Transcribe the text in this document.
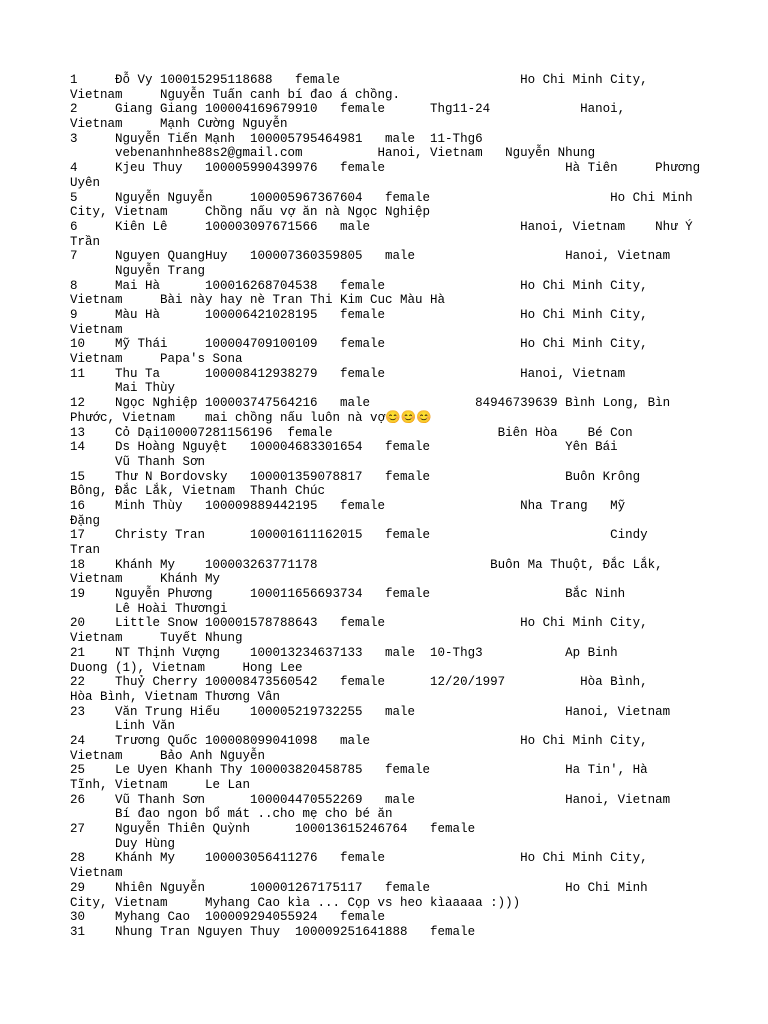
1     Đỗ Vy 100015295118688   female                        Ho Chi Minh City,
Vietnam     Nguyễn Tuấn canh bí đao á chồng.
2     Giang Giang 100004169679910   female      Thg11-24            Hanoi,
Vietnam     Mạnh Cường Nguyễn
3     Nguyễn Tiến Mạnh  100005795464981   male  11-Thg6
vebenanhnhe88s2@gmail.com          Hanoi, Vietnam   Nguyễn Nhung
4     Kjeu Thuy   100005990439976   female                        Hà Tiên     Phương
Uyên
5     Nguyễn Nguyễn     100005967367604   female                        Ho Chi Minh
City, Vietnam     Chồng nấu vợ ăn nà Ngọc Nghiệp
6     Kiên Lê     100003097671566   male                    Hanoi, Vietnam    Như Ý
Trần
7     Nguyen QuangHuy   100007360359805   male                    Hanoi, Vietnam
Nguyễn Trang
8     Mai Hà      100016268704538   female                  Ho Chi Minh City,
Vietnam     Bài này hay nè Tran Thi Kim Cuc Màu Hà
9     Màu Hà      100006421028195   female                  Ho Chi Minh City,
Vietnam
10    Mỹ Thái     100004709100109   female                  Ho Chi Minh City,
Vietnam     Papa's Sona
11    Thu Ta      100008412938279   female                  Hanoi, Vietnam
Mai Thùy
12    Ngọc Nghiệp 100003747564216   male              84946739639 Bình Long, Bìn
Phước, Vietnam    mai chồng nấu luôn nà vợ😊😊😊
13    Cỏ Dại100007281156196  female                      Biên Hòa    Bé Con
14    Ds Hoàng Nguyệt   100004683301654   female                  Yên Bái
Vũ Thanh Sơn
15    Thư N Bordovsky   100001359078817   female                  Buôn Krông
Bông, Đắc Lắk, Vietnam  Thanh Chúc
16    Minh Thùy   100009889442195   female                  Nha Trang   Mỹ
Đặng
17    Christy Tran      100001611162015   female                        Cindy
Tran
18    Khánh My    100003263771178                       Buôn Ma Thuột, Đắc Lắk,
Vietnam     Khánh My
19    Nguyễn Phương     100011656693734   female                  Bắc Ninh
Lê Hoài Thươngi
20    Little Snow 100001578788643   female                  Ho Chi Minh City,
Vietnam     Tuyết Nhung
21    NT Thịnh Vượng    100013234637133   male  10-Thg3           Ap Binh
Duong (1), Vietnam     Hong Lee
22    Thuỷ Cherry 100008473560542   female      12/20/1997          Hòa Bình,
Hòa Bình, Vietnam Thương Vân
23    Văn Trung Hiếu    100005219732255   male                    Hanoi, Vietnam
Linh Văn
24    Trương Quốc 100008099041098   male                    Ho Chi Minh City,
Vietnam     Bảo Anh Nguyễn
25    Le Uyen Khanh Thy 100003820458785   female                  Ha Tin', Hà
Tĩnh, Vietnam     Le Lan
26    Vũ Thanh Sơn      100004470552269   male                    Hanoi, Vietnam
Bí đao ngon bổ mát ..cho mẹ cho bé ăn
27    Nguyễn Thiên Quỳnh      100013615246764   female
Duy Hùng
28    Khánh My    100003056411276   female                  Ho Chi Minh City,
Vietnam
29    Nhiên Nguyễn      100001267175117   female                  Ho Chi Minh
City, Vietnam     Myhang Cao kìa ... Cọp vs heo kìaaaaa :)))
30    Myhang Cao  100009294055924   female
31    Nhung Tran Nguyen Thuy  100009251641888   female
